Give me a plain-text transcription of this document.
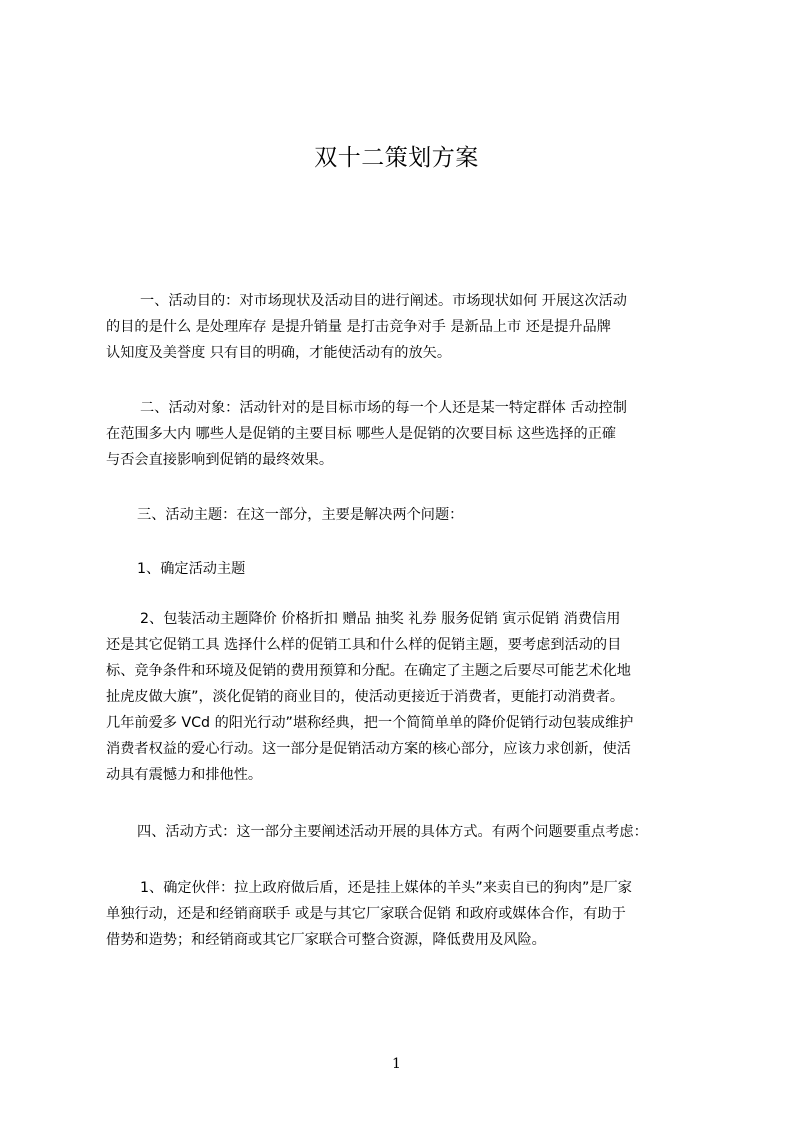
双十二策划方案
一、活动目的：对市场现状及活动目的进行阐述。市场现状如何 开展这次活动
的目的是什么 是处理库存 是提升销量 是打击竞争对手 是新品上市 还是提升品牌
认知度及美誉度 只有目的明确，才能使活动有的放矢。
二、活动对象：活动针对的是目标市场的每一个人还是某一特定群体 舌动控制
在范围多大内 哪些人是促销的主要目标 哪些人是促销的次要目标 这些选择的正確
与否会直接影响到促销的最终效果。
三、活动主题：在这一部分，主要是解决两个问题：
1、确定活动主题
2、包装活动主题降价 价格折扣 赠品 抽奖 礼券 服务促销 寅示促销 消费信用
还是其它促销工具 选择什么样的促销工具和什么样的促销主题，要考虑到活动的目
标、竞争条件和环境及促销的费用预算和分配。在确定了主题之后要尽可能艺术化地
扯虎皮做大旗”，淡化促销的商业目的，使活动更接近于消费者，更能打动消费者。
几年前爱多 VCd 的阳光行动”堪称经典，把一个简简单单的降价促销行动包装成维护
消费者权益的爱心行动。这一部分是促销活动方案的核心部分，应该力求创新，使活
动具有震憾力和排他性。
四、活动方式：这一部分主要阐述活动开展的具体方式。有两个问题要重点考虑：
1、确定伙伴：拉上政府做后盾，还是挂上媒体的羊头”来卖自已的狗肉”是厂家
单独行动，还是和经销商联手 或是与其它厂家联合促销 和政府或媒体合作，有助于
借势和造势；和经销商或其它厂家联合可整合资源，降低费用及风险。
1
